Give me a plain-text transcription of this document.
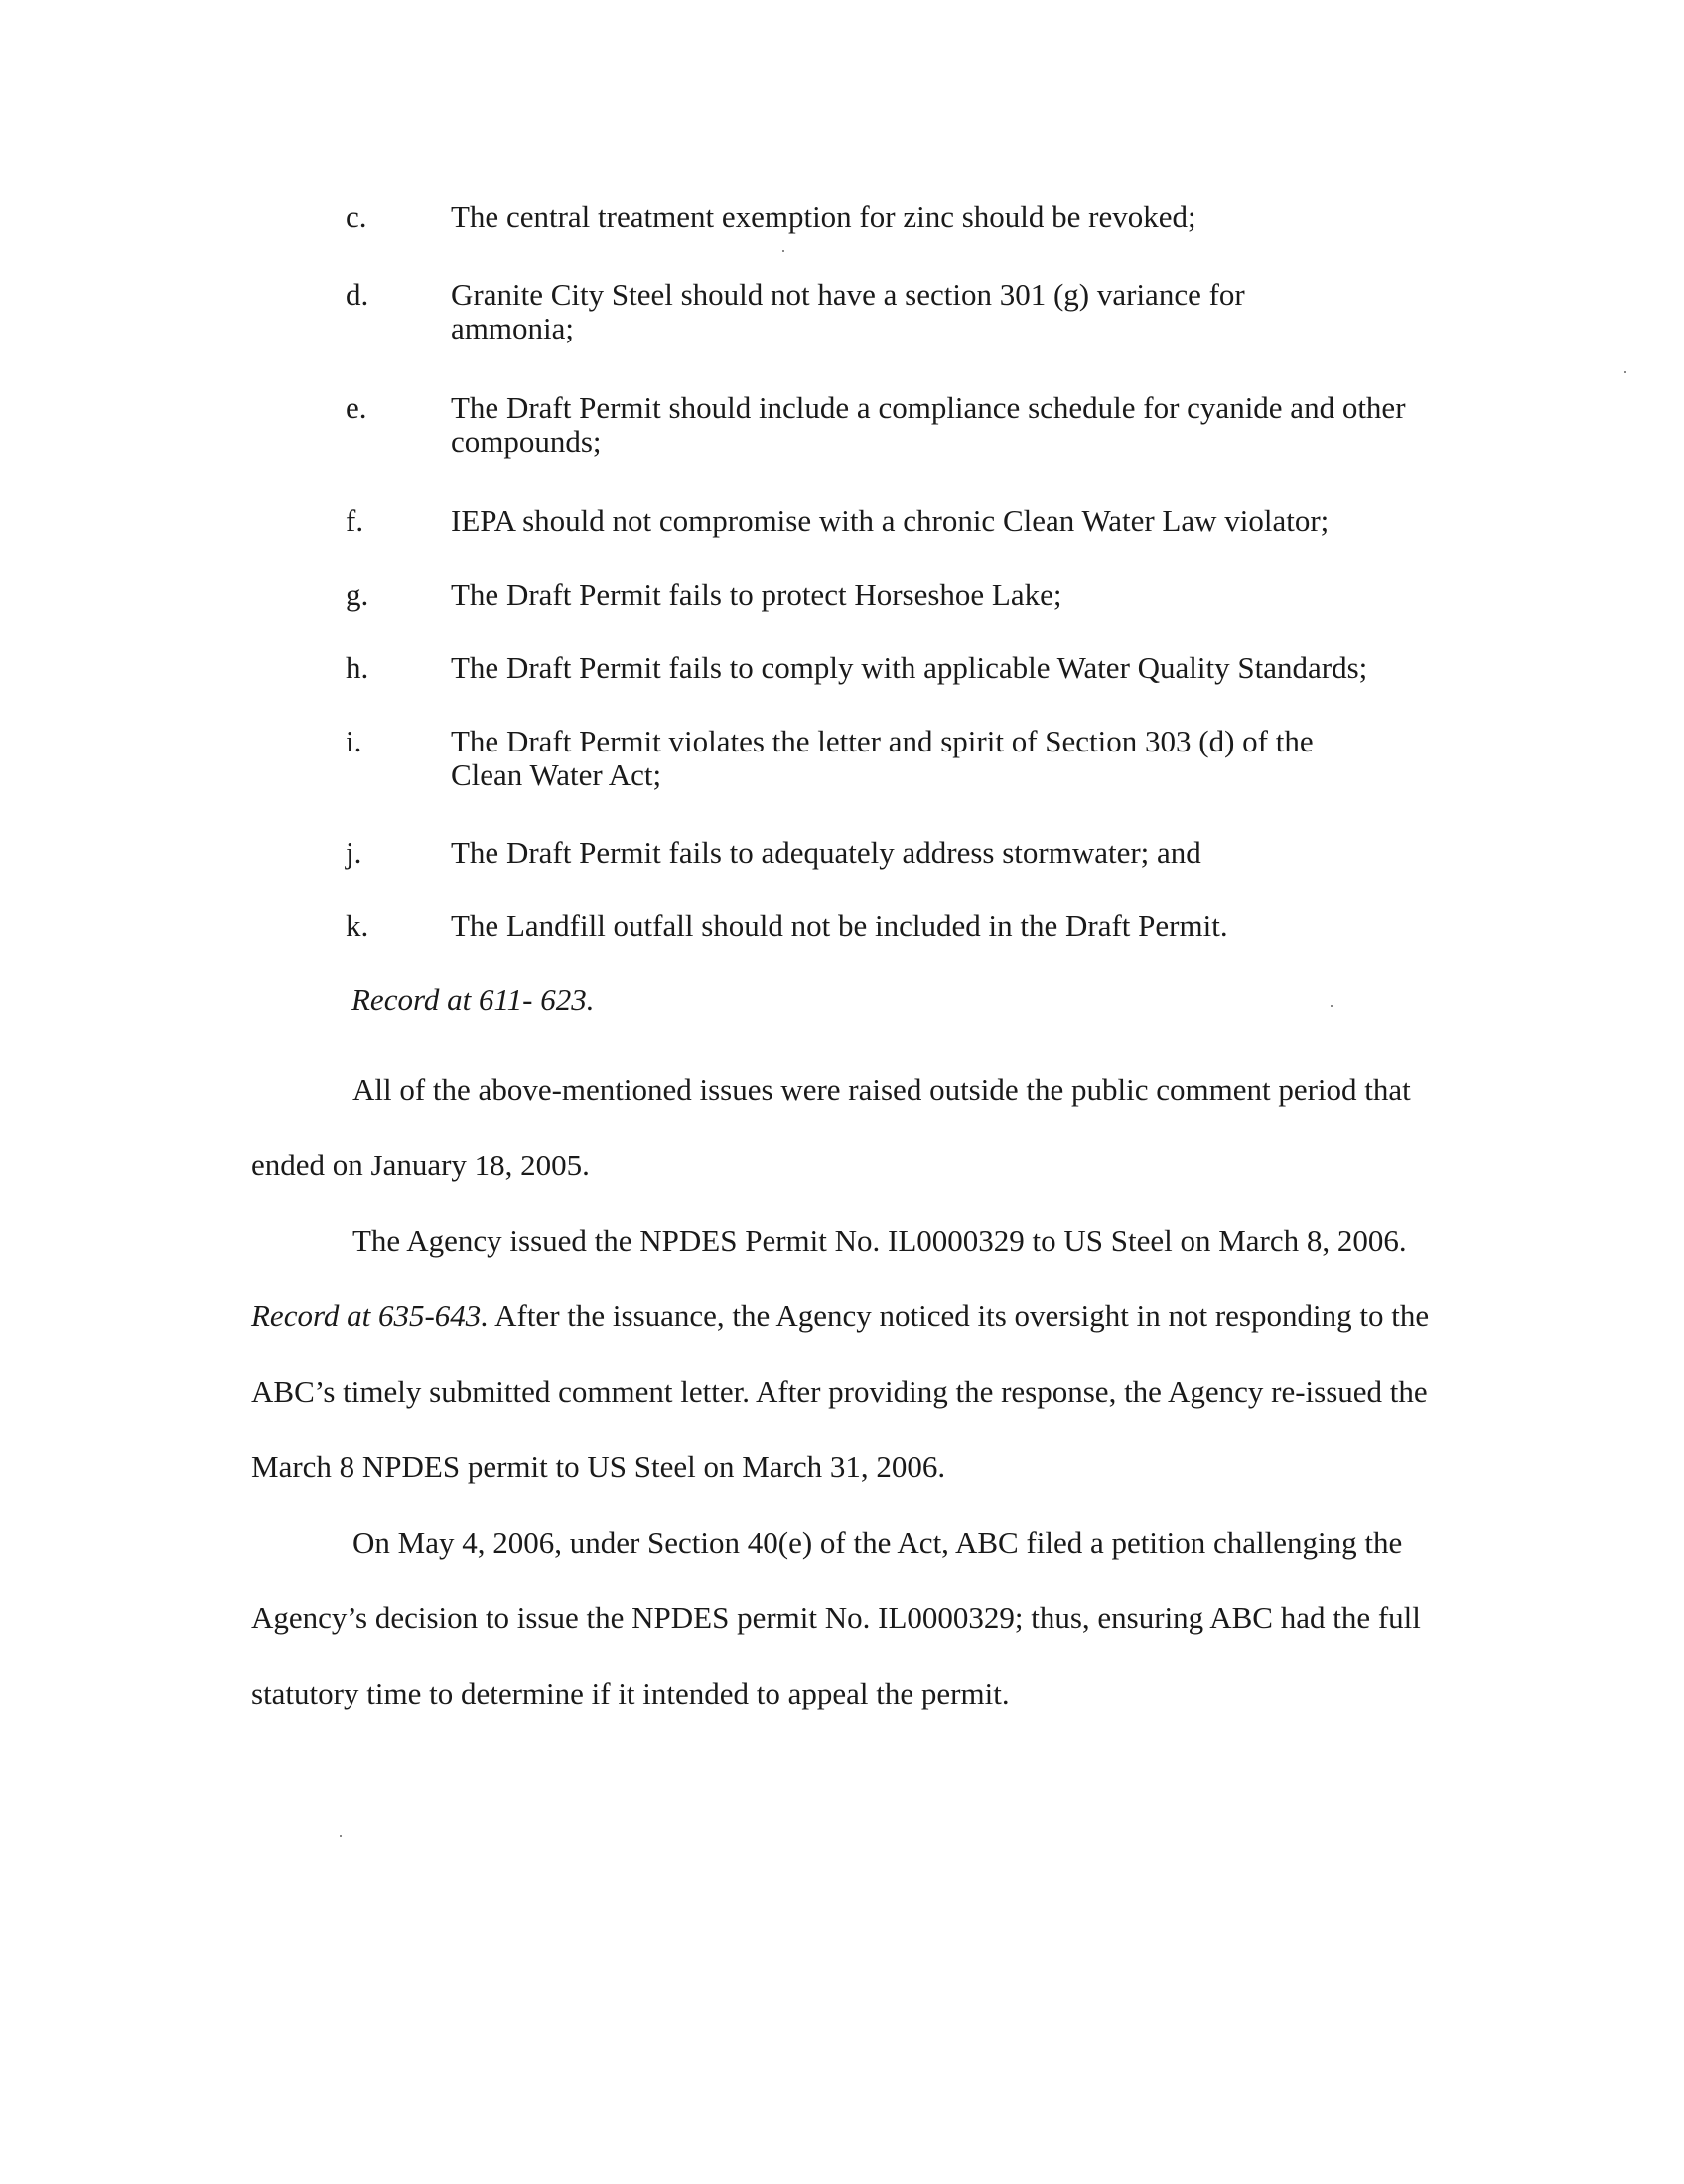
c.	The central treatment exemption for zinc should be revoked;
d.	Granite City Steel should not have a section 301 (g) variance for ammonia;
e.	The Draft Permit should include a compliance schedule for cyanide and other compounds;
f.	IEPA should not compromise with a chronic Clean Water Law violator;
g.	The Draft Permit fails to protect Horseshoe Lake;
h.	The Draft Permit fails to comply with applicable Water Quality Standards;
i.	The Draft Permit violates the letter and spirit of Section 303 (d) of the Clean Water Act;
j.	The Draft Permit fails to adequately address stormwater; and
k.	The Landfill outfall should not be included in the Draft Permit.
Record at 611- 623.
All of the above-mentioned issues were raised outside the public comment period that ended on January 18, 2005.
The Agency issued the NPDES Permit No. IL0000329 to US Steel on March 8, 2006. Record at 635-643. After the issuance, the Agency noticed its oversight in not responding to the ABC’s timely submitted comment letter. After providing the response, the Agency re-issued the March 8 NPDES permit to US Steel on March 31, 2006.
On May 4, 2006, under Section 40(e) of the Act, ABC filed a petition challenging the Agency’s decision to issue the NPDES permit No. IL0000329; thus, ensuring ABC had the full statutory time to determine if it intended to appeal the permit.
